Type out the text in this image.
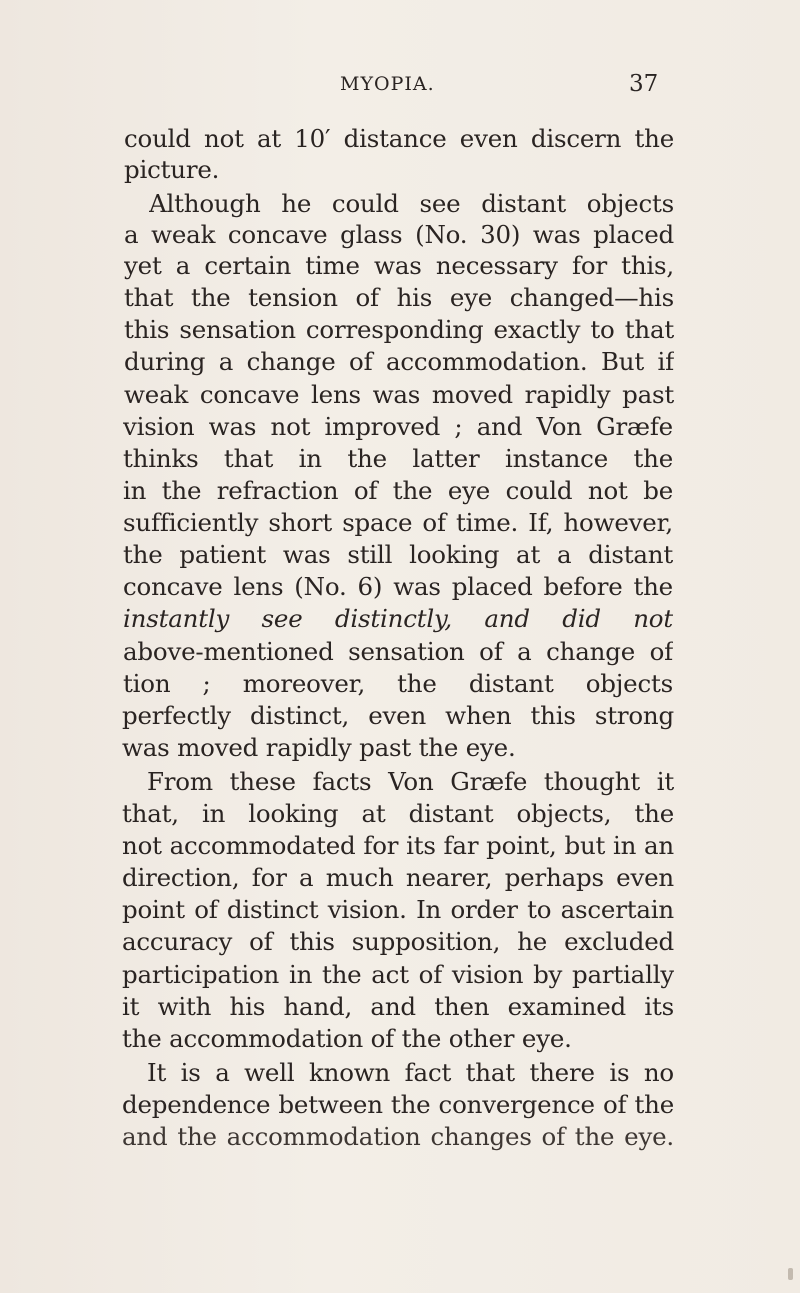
MYOPIA.	37
could not at 10′ distance even discern the
picture.
Although he could see distant objects
a weak concave glass (No. 30) was placed
yet a certain time was necessary for this,
that the tension of his eye changed—his
this sensation corresponding exactly to that
during a change of accommodation. But if
weak concave lens was moved rapidly past
vision was not improved ; and Von Græfe
thinks that in the latter instance the
in the refraction of the eye could not be
sufficiently short space of time. If, however,
the patient was still looking at a distant
concave lens (No. 6) was placed before the
instantly see distinctly, and did not
above-mentioned sensation of a change of
tion ; moreover, the distant objects
perfectly distinct, even when this strong
was moved rapidly past the eye.
From these facts Von Græfe thought it
that, in looking at distant objects, the
not accommodated for its far point, but in an
direction, for a much nearer, perhaps even
point of distinct vision. In order to ascertain
accuracy of this supposition, he excluded
participation in the act of vision by partially
it with his hand, and then examined its
the accommodation of the other eye.
It is a well known fact that there is no
dependence between the convergence of the
and the accommodation changes of the eye.
